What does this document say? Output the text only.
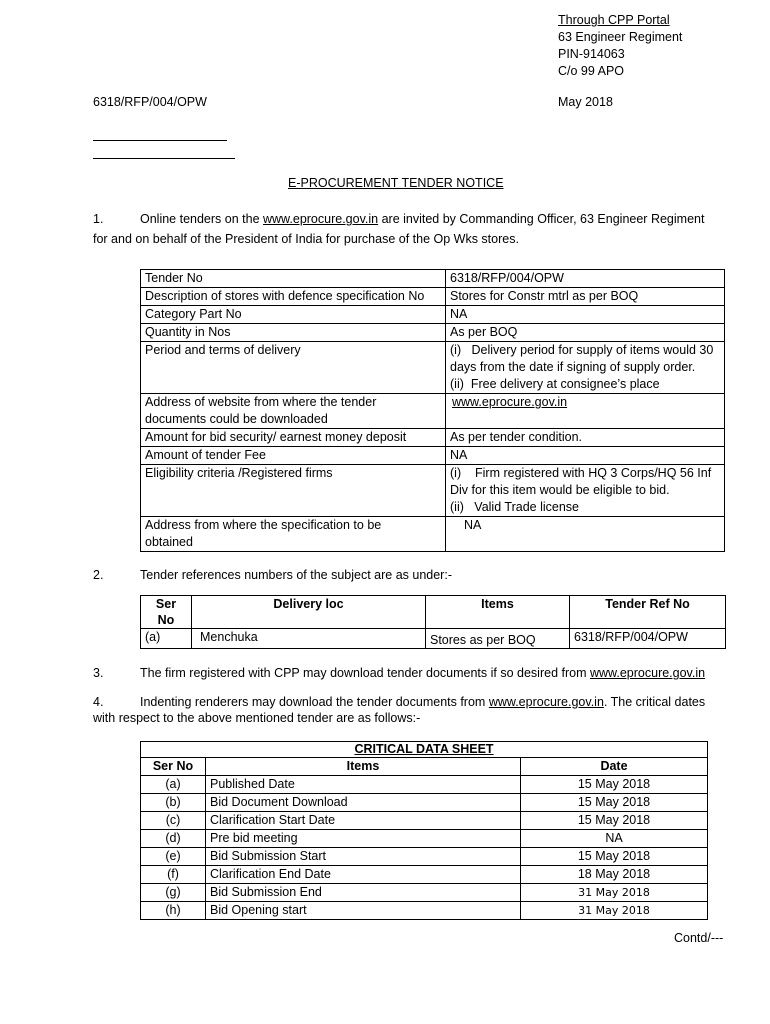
Through CPP Portal
63 Engineer Regiment
PIN-914063
C/o 99 APO
6318/RFP/004/OPW	May 2018
E-PROCUREMENT TENDER NOTICE
1.	Online tenders on the www.eprocure.gov.in are invited by Commanding Officer, 63 Engineer Regiment
for and on behalf of the President of India for purchase of the Op Wks stores.
Tender No	6318/RFP/004/OPW
Description of stores with defence specification No	Stores for Constr mtrl as per BOQ
Category Part No	NA
Quantity in Nos	As per BOQ
Period and terms of delivery	(i)   Delivery period for supply of items would 30
days from the date if signing of supply order.
(ii)  Free delivery at consignee’s place

Address of website from where the tender
documents could be downloaded	www.eprocure.gov.in
Amount for bid security/ earnest money deposit	As per tender condition.
Amount of tender Fee	NA
Eligibility criteria /Registered firms	(i)    Firm registered with HQ 3 Corps/HQ 56 Inf
Div for this item would be eligible to bid.
(ii)   Valid Trade license

Address from where the specification to be
obtained	NA
2.	Tender references numbers of the subject are as under:-
Ser
No	Delivery loc	Items	Tender Ref No
(a)	Menchuka	Stores as per BOQ	6318/RFP/004/OPW
3.	The firm registered with CPP may download tender documents if so desired from www.eprocure.gov.in
4.	Indenting renderers may download the tender documents from www.eprocure.gov.in. The critical dates
with respect to the above mentioned tender are as follows:-
CRITICAL DATA SHEET		
Ser No	Items	Date
(a)	Published Date	15 May 2018
(b)	Bid Document Download	15 May 2018
(c)	Clarification Start Date	15 May 2018
(d)	Pre bid meeting	NA
(e)	Bid Submission Start	15 May 2018
(f)	Clarification End Date	18 May 2018
(g)	Bid Submission End	31 May 2018
(h)	Bid Opening start	31 May 2018
Contd/---
